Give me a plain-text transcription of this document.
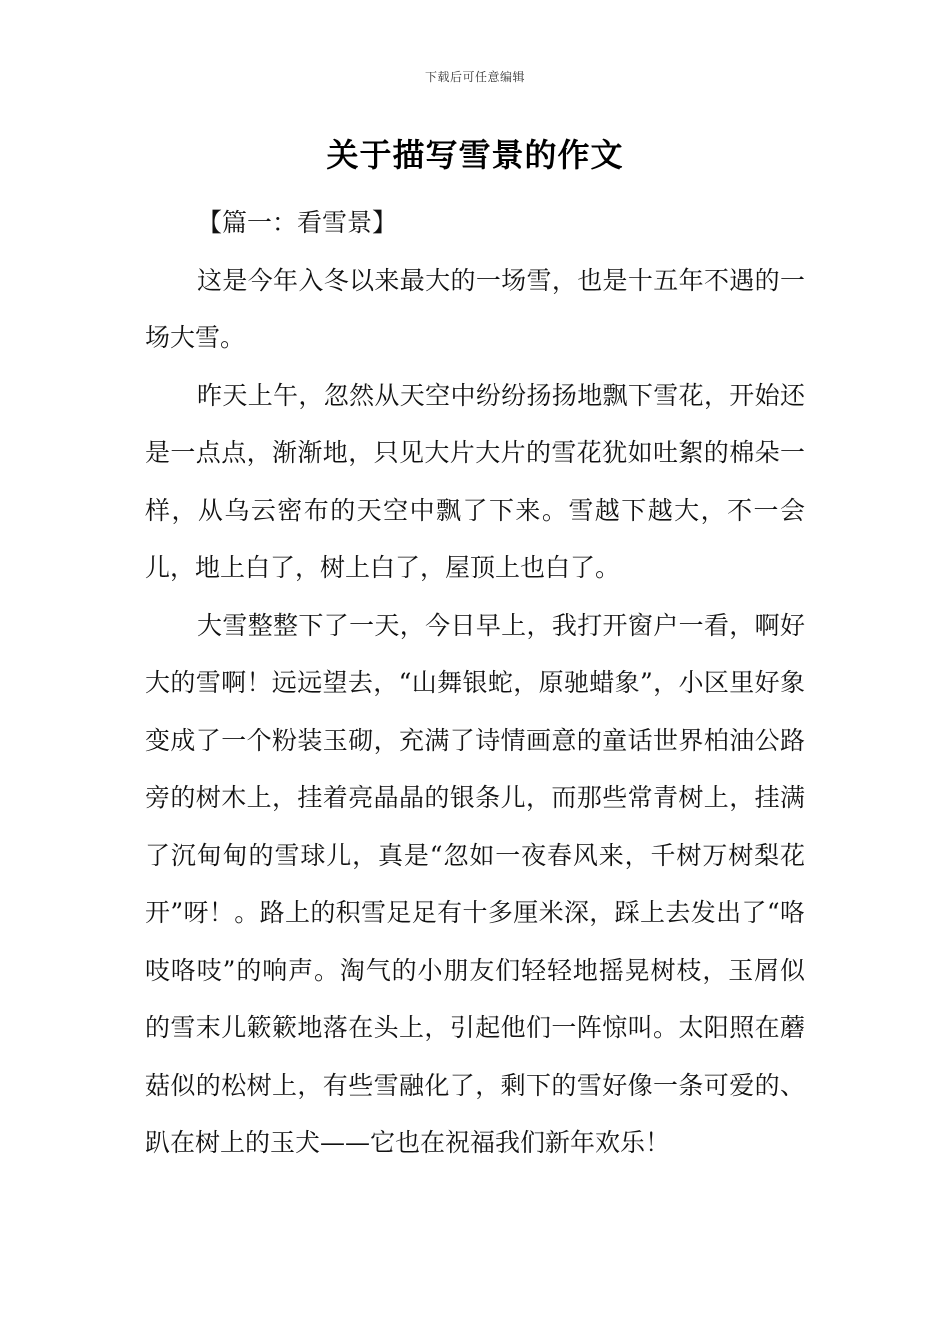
下载后可任意编辑
关于描写雪景的作文

【篇一：看雪景】

这是今年入冬以来最大的一场雪，也是十五年不遇的一场大雪。

昨天上午，忽然从天空中纷纷扬扬地飘下雪花，开始还是一点点，渐渐地，只见大片大片的雪花犹如吐絮的棉朵一样，从乌云密布的天空中飘了下来。雪越下越大，不一会儿，地上白了，树上白了，屋顶上也白了。

大雪整整下了一天，今日早上，我打开窗户一看，啊好大的雪啊！远远望去，“山舞银蛇，原驰蜡象”，小区里好象变成了一个粉装玉砌，充满了诗情画意的童话世界柏油公路旁的树木上，挂着亮晶晶的银条儿，而那些常青树上，挂满了沉甸甸的雪球儿，真是“忽如一夜春风来，千树万树梨花开”呀！。路上的积雪足足有十多厘米深，踩上去发出了“咯吱咯吱”的响声。淘气的小朋友们轻轻地摇晃树枝，玉屑似的雪末儿簌簌地落在头上，引起他们一阵惊叫。太阳照在蘑菇似的松树上，有些雪融化了，剩下的雪好像一条可爱的、趴在树上的玉犬——它也在祝福我们新年欢乐！
